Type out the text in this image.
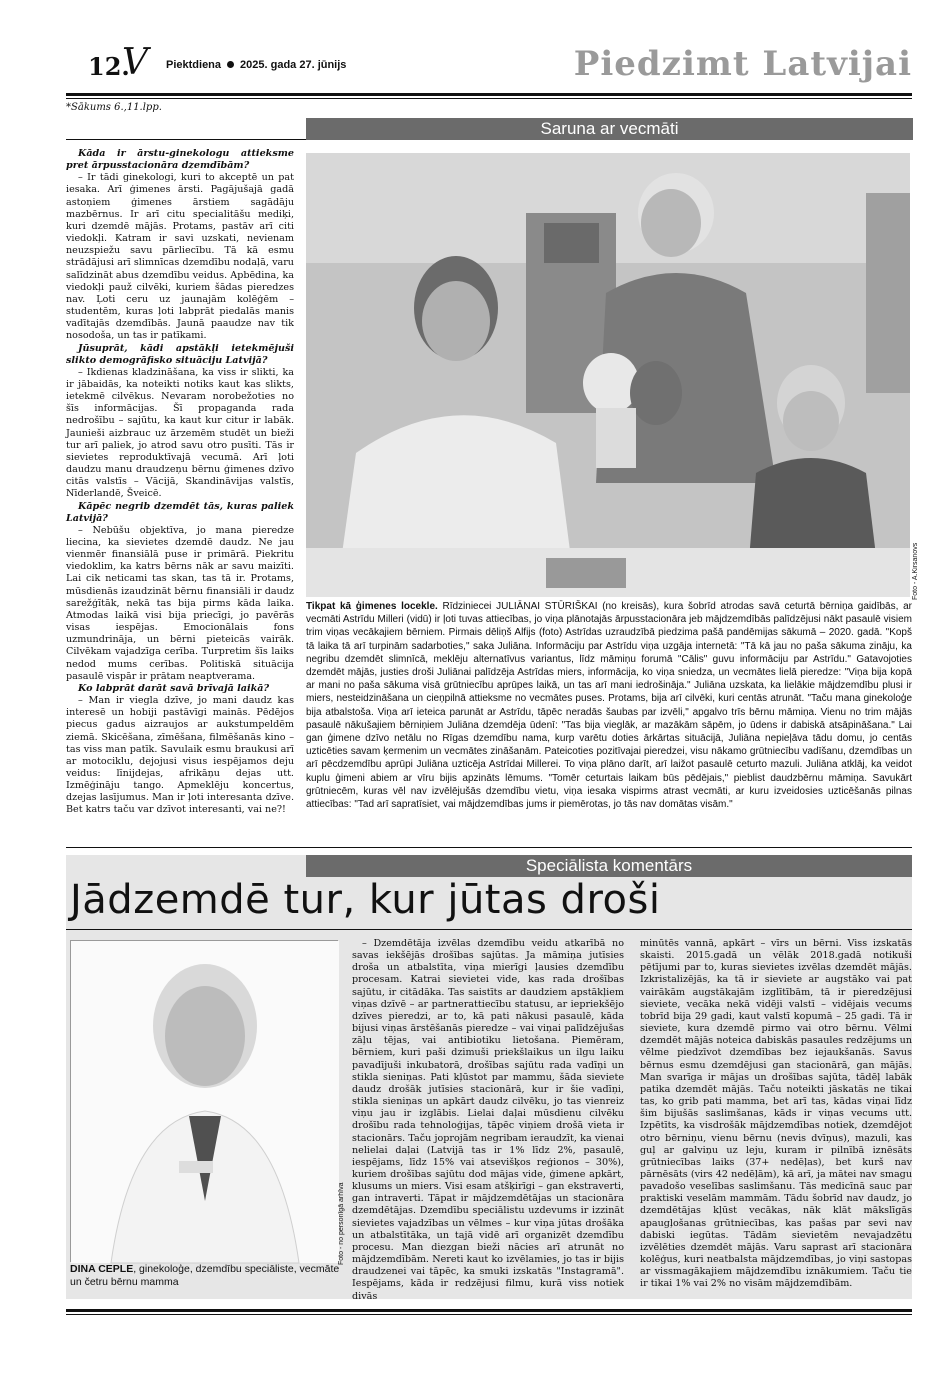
12.
V Piektdiena 2025. gada 27. jūnijs	Piedzimt Latvijai
*Sākums 6.,11.lpp.
Saruna ar vecmāti

Kāda ir ārstu-ginekologu attieksme pret ārpusstacionāra dzemdībām?

– Ir tādi ginekologi, kuri to akceptē un pat iesaka. Arī ģimenes ārsti. Pagājušajā gadā astoņiem ģimenes ārstiem sagādāju mazbērnus. Ir arī citu specialitāšu mediķi, kuri dzemdē mājās. Protams, pastāv arī citi viedokļi. Katram ir savi uzskati, nevienam neuzspiežu savu pārliecību. Tā kā esmu strādājusi arī slimnīcas dzemdību nodaļā, varu salīdzināt abus dzemdību veidus. Apbēdina, ka viedokļi pauž cilvēki, kuriem šādas pieredzes nav. Ļoti ceru uz jaunajām kolēģēm – studentēm, kuras ļoti labprāt piedalās manis vadītajās dzemdībās. Jaunā paaudze nav tik nosodoša, un tas ir patīkami.

Jūsuprāt, kādi apstākļi ietekmējuši slikto demogrāfisko situāciju Latvijā?

– Ikdienas kladzināšana, ka viss ir slikti, ka ir jābaidās, ka noteikti notiks kaut kas slikts, ietekmē cilvēkus. Nevaram norobežoties no šīs informācijas. Šī propaganda rada nedrošību – sajūtu, ka kaut kur citur ir labāk. Jaunieši aizbrauc uz ārzemēm studēt un bieži tur arī paliek, jo atrod savu otro pusīti. Tās ir sievietes reproduktīvajā vecumā. Arī ļoti daudzu manu draudzeņu bērnu ģimenes dzīvo citās valstīs – Vācijā, Skandināvijas valstīs, Nīderlandē, Šveicē.

Kāpēc negrib dzemdēt tās, kuras paliek Latvijā?

– Nebūšu objektīva, jo mana pieredze liecina, ka sievietes dzemdē daudz. Ne jau vienmēr finansiālā puse ir primārā. Piekritu viedoklim, ka katrs bērns nāk ar savu maizīti. Lai cik neticami tas skan, tas tā ir. Protams, mūsdienās izaudzināt bērnu finansiāli ir daudz sarežģītāk, nekā tas bija pirms kāda laika. Atmodas laikā visi bija priecīgi, jo pavērās visas iespējas. Emocionālais fons uzmundrināja, un bērni pieteicās vairāk. Cilvēkam vajadzīga cerība. Turpretim šīs laiks nedod mums cerības. Politiskā situācija pasaulē vispār ir prātam neaptverama.

Ko labprāt darāt savā brīvajā laikā?

– Man ir viegla dzīve, jo mani daudz kas interesē un hobiji pastāvīgi mainās. Pēdējos piecus gadus aizraujos ar aukstumpeldēm ziemā. Skicēšana, zīmēšana, filmēšanās kino – tas viss man patīk. Savulaik esmu braukusi arī ar motociklu, dejojusi visus iespējamos deju veidus: līnijdejas, afrikāņu dejas utt. Izmēģināju tango. Apmeklēju koncertus, dzejas lasījumus. Man ir ļoti interesanta dzīve. Bet katrs taču var dzīvot interesanti, vai ne?!

Foto - A.Kirsanovs
Tikpat kā ģimenes locekle. Rīdziniecei JULIĀNAI STŪRIŠKAI (no kreisās), kura šobrīd atrodas savā ceturtā bērniņa gaidībās, ar vecmāti Astrīdu Milleri (vidū) ir ļoti tuvas attiecības, jo viņa plānotajās ārpusstacionāra jeb mājdzemdībās palīdzējusi nākt pasaulē visiem trim viņas vecākajiem bērniem. Pirmais dēliņš Alfijs (foto) Astrīdas uzraudzībā piedzima pašā pandēmijas sākumā – 2020. gadā. "Kopš tā laika tā arī turpinām sadarboties," saka Juliāna. Informāciju par Astrīdu viņa uzgāja internetā: "Tā kā jau no paša sākuma zināju, ka negribu dzemdēt slimnīcā, meklēju alternatīvus variantus, līdz māmiņu forumā "Cālis" guvu informāciju par Astrīdu." Gatavojoties dzemdēt mājās, justies droši Juliānai palīdzēja Astrīdas miers, informācija, ko viņa sniedza, un vecmātes lielā pieredze: "Viņa bija kopā ar mani no paša sākuma visā grūtniecību aprūpes laikā, un tas arī mani iedrošināja." Juliāna uzskata, ka lielākie mājdzemdību plusi ir miers, nesteidzināšana un cieņpilnā attieksme no vecmātes puses. Protams, bija arī cilvēki, kuri centās atrunāt. "Taču mana ginekoloģe bija atbalstoša. Viņa arī ieteica parunāt ar Astrīdu, tāpēc neradās šaubas par izvēli," apgalvo trīs bērnu māmiņa. Vienu no trim mājās pasaulē nākušajiem bērniņiem Juliāna dzemdēja ūdenī: "Tas bija vieglāk, ar mazākām sāpēm, jo ūdens ir dabiskā atsāpināšana." Lai gan ģimene dzīvo netālu no Rīgas dzemdību nama, kurp varētu doties ārkārtas situācijā, Juliāna nepieļāva tādu domu, jo centās uzticēties savam ķermenim un vecmātes zināšanām. Pateicoties pozitīvajai pieredzei, visu nākamo grūtniecību vadīšanu, dzemdības un arī pēcdzemdību aprūpi Juliāna uzticēja Astrīdai Millerei. To viņa plāno darīt, arī laižot pasaulē ceturto mazuli. Juliāna atklāj, ka veidot kuplu ģimeni abiem ar vīru bijis apzināts lēmums. "Tomēr ceturtais laikam būs pēdējais," pieblist daudzbērnu māmiņa. Savukārt grūtniecēm, kuras vēl nav izvēlējušās dzemdību vietu, viņa iesaka vispirms atrast vecmāti, ar kuru izveidosies uzticēšanās pilnas attiecības: "Tad arī sapratīsiet, vai mājdzemdības jums ir piemērotas, jo tās nav domātas visām."
Speciālista komentārs
Jādzemdē tur, kur jūtas droši
Foto - no personīgā arhīva
DINA CEPLE, ginekoloģe, dzemdību speciāliste, vecmāte un četru bērnu mamma

– Dzemdētāja izvēlas dzemdību veidu atkarībā no savas iekšējās drošības sajūtas. Ja māmiņa jutīsies droša un atbalstīta, viņa mierīgi ļausies dzemdību procesam. Katrai sievietei vide, kas rada drošības sajūtu, ir citādāka. Tas saistīts ar daudziem apstākļiem viņas dzīvē – ar partnerattiecību statusu, ar iepriekšējo dzīves pieredzi, ar to, kā pati nākusi pasaulē, kāda bijusi viņas ārstēšanās pieredze – vai viņai palīdzējušas zāļu tējas, vai antibiotiku lietošana. Piemēram, bērniem, kuri paši dzimuši priekšlaikus un ilgu laiku pavadījuši inkubatorā, drošības sajūtu rada vadīņi un stikla sieniņas. Pati kļūstot par mammu, šāda sieviete daudz drošāk jutīsies stacionārā, kur ir šie vadīņi, stikla sieniņas un apkārt daudz cilvēku, jo tas vienreiz viņu jau ir izglābis. Lielai daļai mūsdienu cilvēku drošību rada tehnoloģijas, tāpēc viņiem drošā vieta ir stacionārs. Taču joprojām negribam ieraudzīt, ka vienai nelielai daļai (Latvijā tas ir 1% līdz 2%, pasaulē, iespējams, līdz 15% vai atsevišķos reģionos – 30%), kuriem drošības sajūtu dod mājas vide, ģimene apkārt, klusums un miers. Visi esam atšķirīgi – gan ekstraverti, gan intraverti. Tāpat ir mājdzemdētājas un stacionāra dzemdētājas. Dzemdību speciālistu uzdevums ir izzināt sievietes vajadzības un vēlmes – kur viņa jūtas drošāka un atbalstītāka, un tajā vidē arī organizēt dzemdību procesu. Man diezgan bieži nācies arī atrunāt no mājdzemdībām. Nereti kaut ko izvēlamies, jo tas ir bijis draudzenei vai tāpēc, ka smuki izskatās "Instagramā". Iespējams, kāda ir redzējusi filmu, kurā viss notiek divās

minūtēs vannā, apkārt – vīrs un bērni. Viss izskatās skaisti. 2015.gadā un vēlāk 2018.gadā notikuši pētījumi par to, kuras sievietes izvēlas dzemdēt mājās. Izkristalizējās, ka tā ir sieviete ar augstāko vai pat vairākām augstākajām izglītībām, tā ir pieredzējusi sieviete, vecāka nekā vidēji valstī – vidējais vecums tobrīd bija 29 gadi, kaut valstī kopumā – 25 gadi. Tā ir sieviete, kura dzemdē pirmo vai otro bērnu. Vēlmi dzemdēt mājās noteica dabiskās pasaules redzējums un vēlme piedzīvot dzemdības bez iejaukšanās. Savus bērnus esmu dzemdējusi gan stacionārā, gan mājās. Man svarīga ir mājas un drošības sajūta, tādēļ labāk patika dzemdēt mājās. Taču noteikti jāskatās ne tikai tas, ko grib pati mamma, bet arī tas, kādas viņai līdz šim bijušās saslimšanas, kāds ir viņas vecums utt. Izpētīts, ka visdrošāk mājdzemdības notiek, dzemdējot otro bērniņu, vienu bērnu (nevis dvīņus), mazuli, kas guļ ar galviņu uz leju, kuram ir pilnībā iznēsāts grūtniecības laiks (37+ nedēļas), bet kurš nav pārnēsāts (virs 42 nedēļām), kā arī, ja mātei nav smagu pavadošo veselības saslimšanu. Tās medicīnā sauc par praktiski veselām mammām. Tādu šobrīd nav daudz, jo dzemdētājas kļūst vecākas, nāk klāt mākslīgās apaugļošanas grūtniecības, kas pašas par sevi nav dabiski iegūtas. Tādām sievietēm nevajadzētu izvēlēties dzemdēt mājās. Varu saprast arī stacionāra kolēģus, kuri neatbalsta mājdzemdības, jo viņi sastopas ar vissmagākajiem mājdzemdību iznākumiem. Taču tie ir tikai 1% vai 2% no visām mājdzemdībām.
